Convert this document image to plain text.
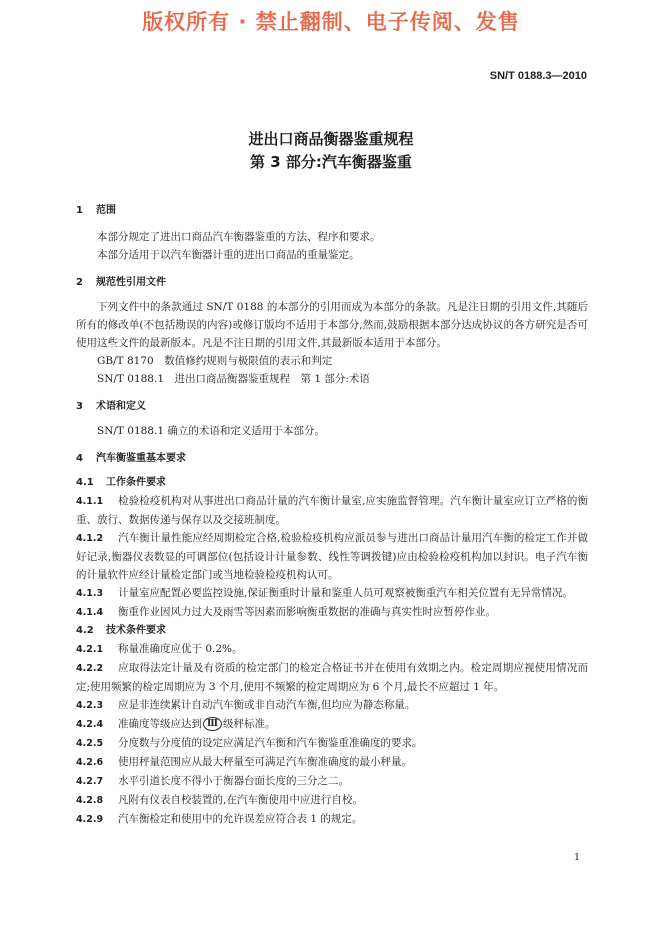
版权所有 · 禁止翻制、电子传阅、发售
SN/T 0188.3—2010
进出口商品衡器鉴重规程
第 3 部分:汽车衡器鉴重
1 范围
本部分规定了进出口商品汽车衡器鉴重的方法、程序和要求。
本部分适用于以汽车衡器计重的进出口商品的重量鉴定。
2 规范性引用文件
下列文件中的条款通过 SN/T 0188 的本部分的引用而成为本部分的条款。凡是注日期的引用文件,其随后所有的修改单(不包括勘误的内容)或修订版均不适用于本部分,然而,鼓励根据本部分达成协议的各方研究是否可使用这些文件的最新版本。凡是不注日期的引用文件,其最新版本适用于本部分。
GB/T 8170　数值修约规则与极限值的表示和判定
SN/T 0188.1　进出口商品衡器鉴重规程　第 1 部分:术语
3 术语和定义
SN/T 0188.1 确立的术语和定义适用于本部分。
4 汽车衡鉴重基本要求
4.1 工作条件要求
4.1.1 检验检疫机构对从事进出口商品计量的汽车衡计量室,应实施监督管理。汽车衡计量室应订立严格的衡重、放行、数据传递与保存以及交接班制度。
4.1.2 汽车衡计量性能应经周期检定合格,检验检疫机构应派员参与进出口商品计量用汽车衡的检定工作并做好记录,衡器仪表数显的可调部位(包括设计计量参数、线性等调拨键)应由检验检疫机构加以封识。电子汽车衡的计量软件应经计量检定部门或当地检验检疫机构认可。
4.1.3 计量室应配置必要监控设施,保证衡重时计量和鉴重人员可观察被衡重汽车相关位置有无异常情况。
4.1.4 衡重作业因风力过大及雨雪等因素而影响衡重数据的准确与真实性时应暂停作业。
4.2 技术条件要求
4.2.1 称量准确度应优于 0.2%。
4.2.2 应取得法定计量及有资质的检定部门的检定合格证书并在使用有效期之内。检定周期应视使用情况而定;使用频繁的检定周期应为 3 个月,使用不频繁的检定周期应为 6 个月,最长不应超过 1 年。
4.2.3 应是非连续累计自动汽车衡或非自动汽车衡,但均应为静态称量。
4.2.4 准确度等级应达到 Ⅲ 级秤标准。
4.2.5 分度数与分度值的设定应满足汽车衡和汽车衡鉴重准确度的要求。
4.2.6 使用秤量范围应从最大秤量至可满足汽车衡准确度的最小秤量。
4.2.7 水平引道长度不得小于衡器台面长度的三分之二。
4.2.8 凡附有仪表自校装置的,在汽车衡使用中应进行自校。
4.2.9 汽车衡检定和使用中的允许误差应符合表 1 的规定。
1
